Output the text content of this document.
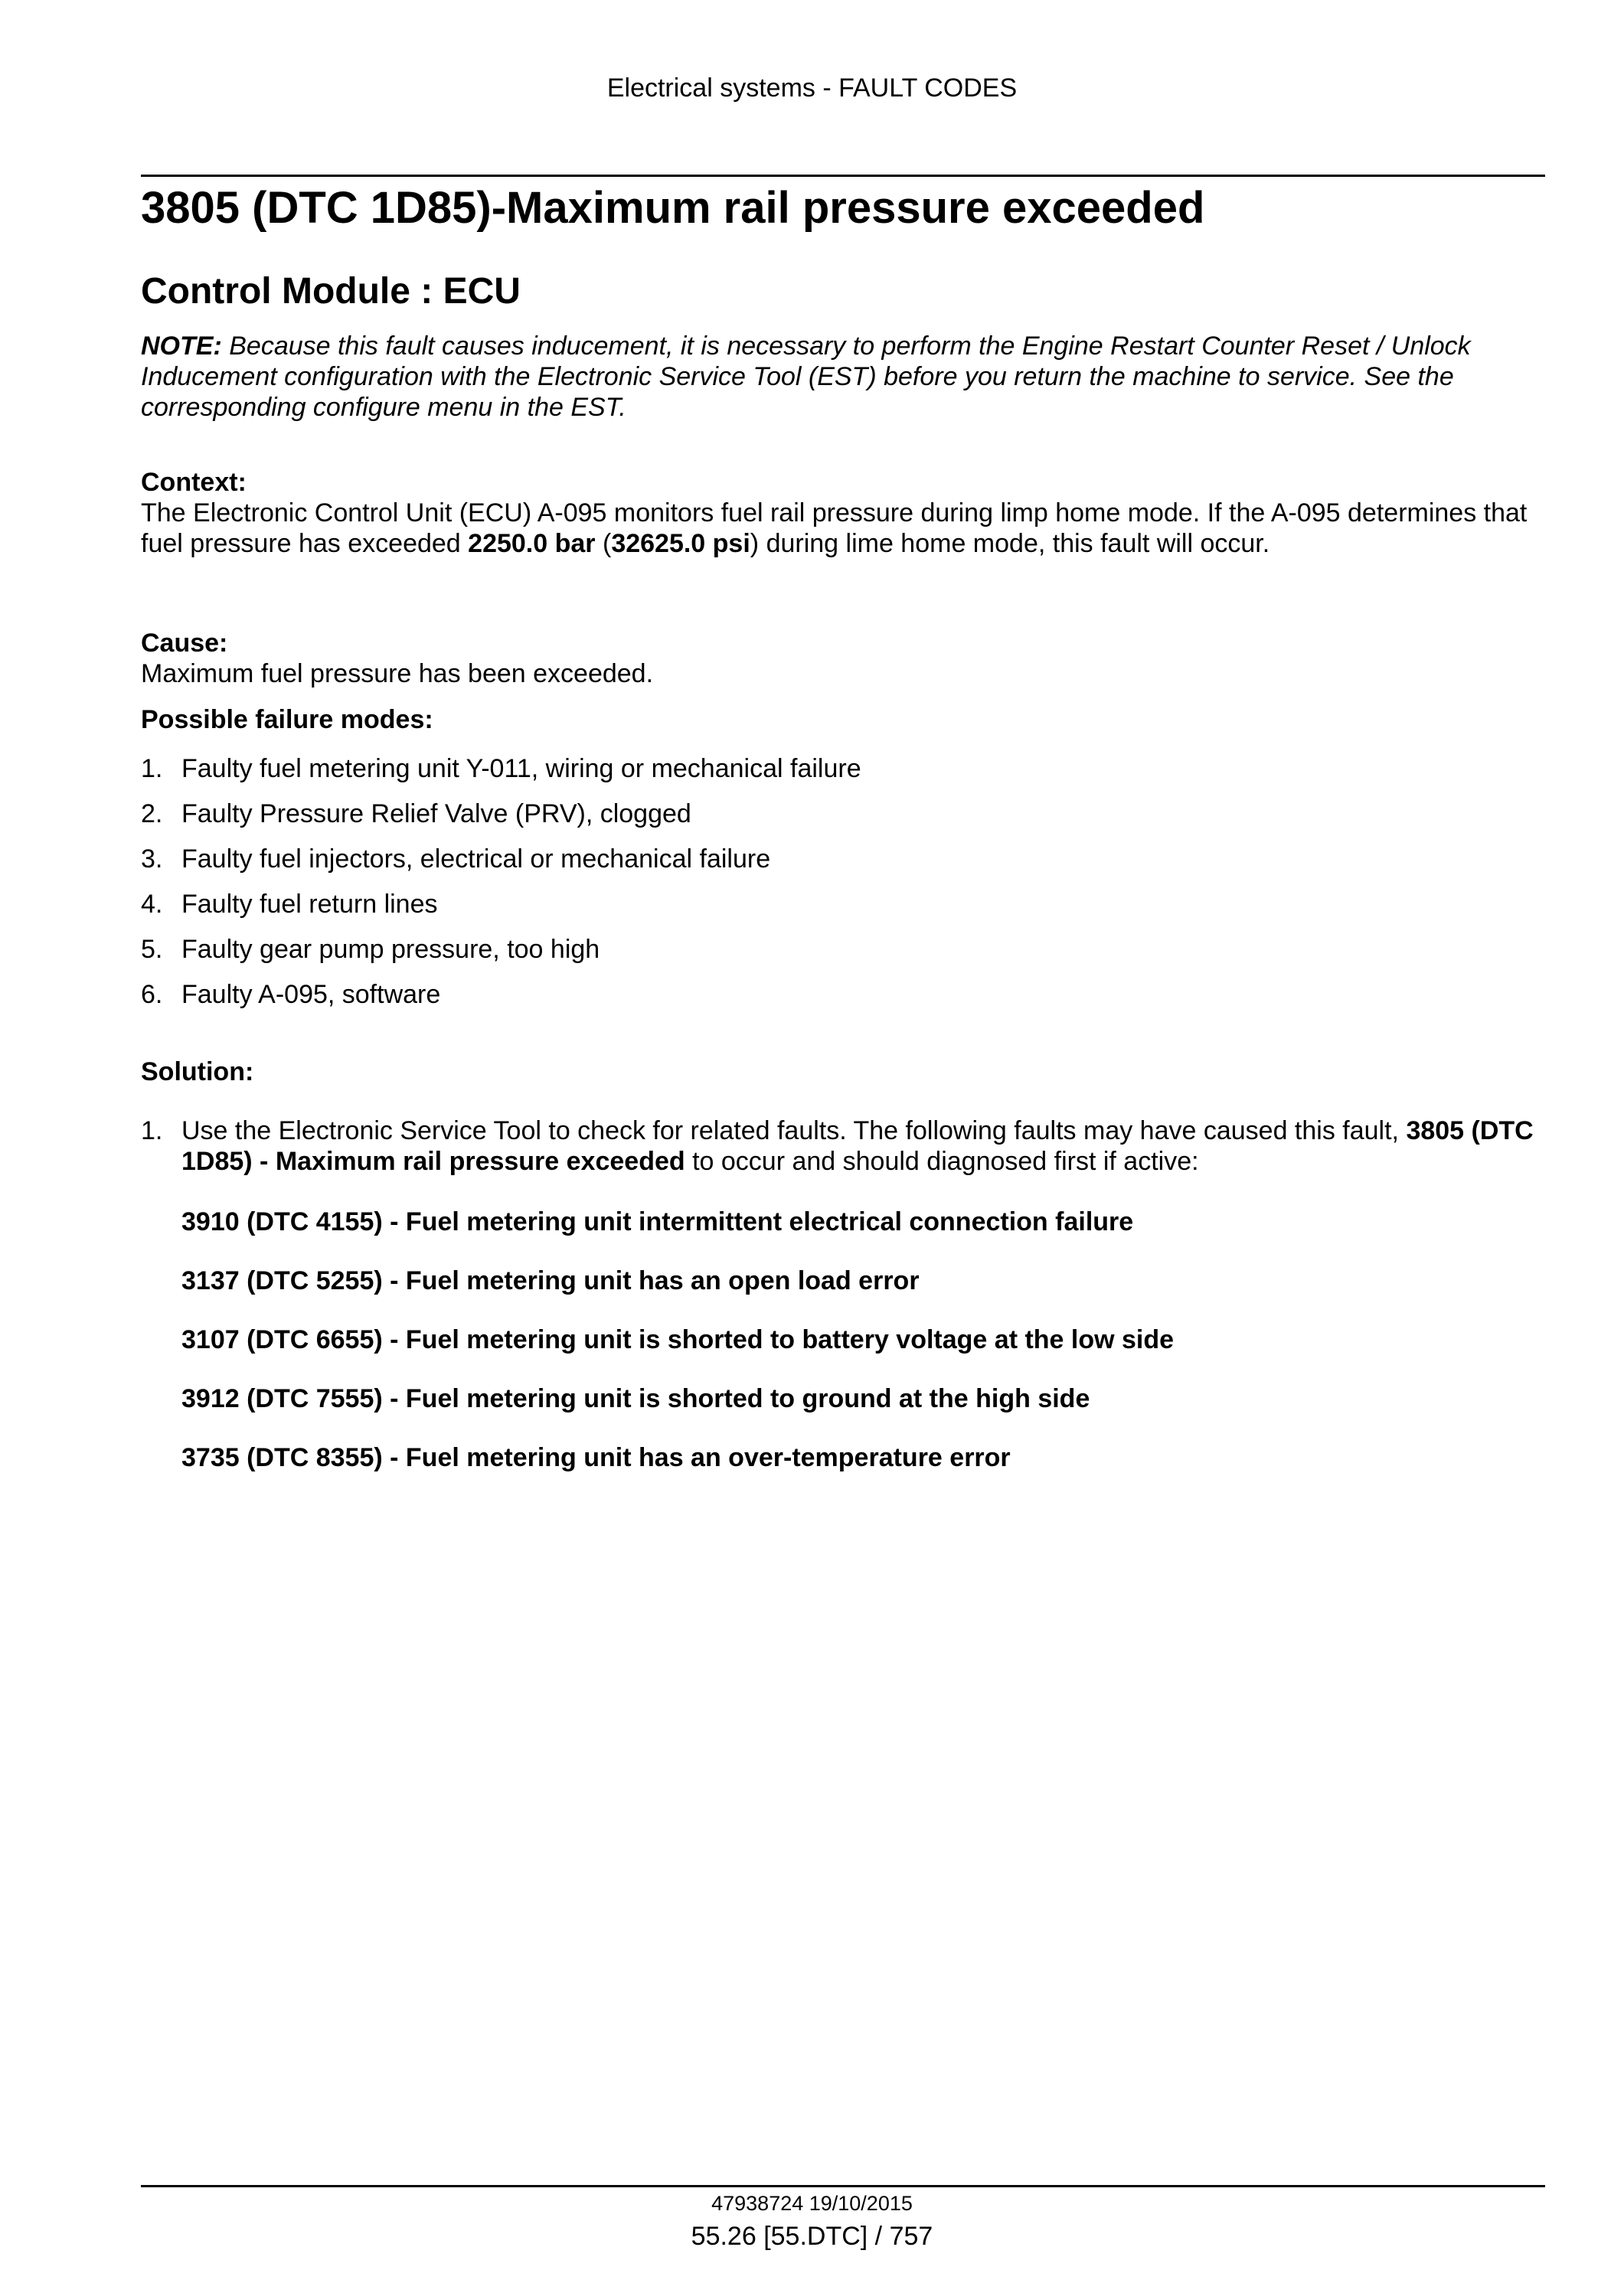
Electrical systems - FAULT CODES
3805 (DTC 1D85)-Maximum rail pressure exceeded
Control Module : ECU
NOTE: Because this fault causes inducement, it is necessary to perform the Engine Restart Counter Reset / Unlock Inducement configuration with the Electronic Service Tool (EST) before you return the machine to service. See the corresponding configure menu in the EST.
Context:
The Electronic Control Unit (ECU) A-095 monitors fuel rail pressure during limp home mode. If the A-095 determines that fuel pressure has exceeded 2250.0 bar (32625.0 psi) during lime home mode, this fault will occur.
Cause:
Maximum fuel pressure has been exceeded.
Possible failure modes:
1. Faulty fuel metering unit Y-011, wiring or mechanical failure
2. Faulty Pressure Relief Valve (PRV), clogged
3. Faulty fuel injectors, electrical or mechanical failure
4. Faulty fuel return lines
5. Faulty gear pump pressure, too high
6. Faulty A-095, software
Solution:
1. Use the Electronic Service Tool to check for related faults. The following faults may have caused this fault, 3805 (DTC 1D85) - Maximum rail pressure exceeded to occur and should diagnosed first if active:
3910 (DTC 4155) - Fuel metering unit intermittent electrical connection failure
3137 (DTC 5255) - Fuel metering unit has an open load error
3107 (DTC 6655) - Fuel metering unit is shorted to battery voltage at the low side
3912 (DTC 7555) - Fuel metering unit is shorted to ground at the high side
3735 (DTC 8355) - Fuel metering unit has an over-temperature error
47938724 19/10/2015
55.26 [55.DTC] / 757
